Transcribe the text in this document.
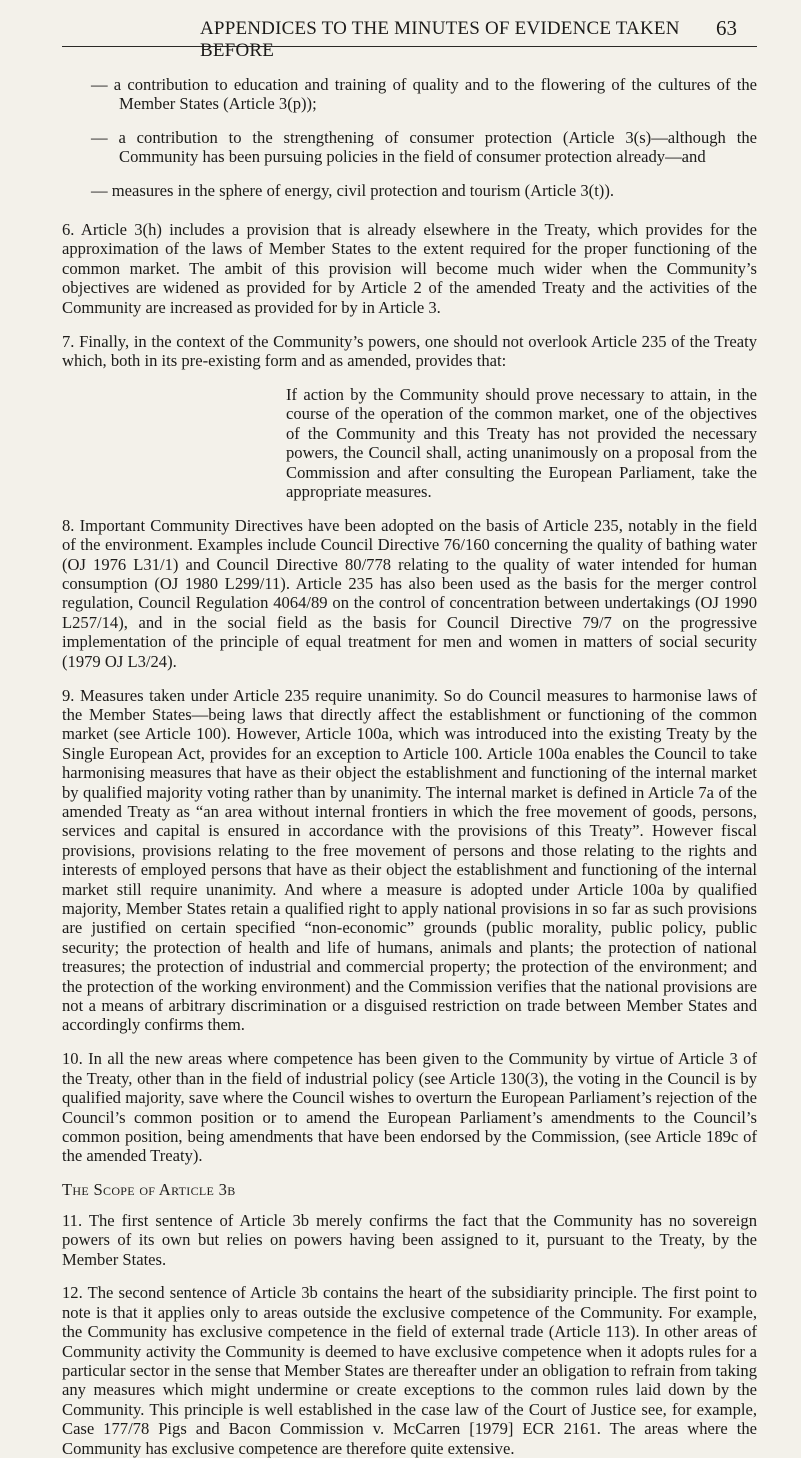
APPENDICES TO THE MINUTES OF EVIDENCE TAKEN BEFORE
63

— a contribution to education and training of quality and to the flowering of the cultures of the Member States (Article 3(p));

— a contribution to the strengthening of consumer protection (Article 3(s)—although the Community has been pursuing policies in the field of consumer protection already—and

— measures in the sphere of energy, civil protection and tourism (Article 3(t)).

6. Article 3(h) includes a provision that is already elsewhere in the Treaty, which provides for the approximation of the laws of Member States to the extent required for the proper functioning of the common market. The ambit of this provision will become much wider when the Community’s objectives are widened as provided for by Article 2 of the amended Treaty and the activities of the Community are increased as provided for by in Article 3.

7. Finally, in the context of the Community’s powers, one should not overlook Article 235 of the Treaty which, both in its pre-existing form and as amended, provides that:

If action by the Community should prove necessary to attain, in the course of the operation of the common market, one of the objectives of the Community and this Treaty has not provided the necessary powers, the Council shall, acting unanimously on a proposal from the Commission and after consulting the European Parliament, take the appropriate measures.

8. Important Community Directives have been adopted on the basis of Article 235, notably in the field of the environment. Examples include Council Directive 76/160 concerning the quality of bathing water (OJ 1976 L31/1) and Council Directive 80/778 relating to the quality of water intended for human consumption (OJ 1980 L299/11). Article 235 has also been used as the basis for the merger control regulation, Council Regulation 4064/89 on the control of concentration between undertakings (OJ 1990 L257/14), and in the social field as the basis for Council Directive 79/7 on the progressive implementation of the principle of equal treatment for men and women in matters of social security (1979 OJ L3/24).

9. Measures taken under Article 235 require unanimity. So do Council measures to harmonise laws of the Member States—being laws that directly affect the establishment or functioning of the common market (see Article 100). However, Article 100a, which was introduced into the existing Treaty by the Single European Act, provides for an exception to Article 100. Article 100a enables the Council to take harmonising measures that have as their object the establishment and functioning of the internal market by qualified majority voting rather than by unanimity. The internal market is defined in Article 7a of the amended Treaty as “an area without internal frontiers in which the free movement of goods, persons, services and capital is ensured in accordance with the provisions of this Treaty”. However fiscal provisions, provisions relating to the free movement of persons and those relating to the rights and interests of employed persons that have as their object the establishment and functioning of the internal market still require unanimity. And where a measure is adopted under Article 100a by qualified majority, Member States retain a qualified right to apply national provisions in so far as such provisions are justified on certain specified “non-economic” grounds (public morality, public policy, public security; the protection of health and life of humans, animals and plants; the protection of national treasures; the protection of industrial and commercial property; the protection of the environment; and the protection of the working environment) and the Commission verifies that the national provisions are not a means of arbitrary discrimination or a disguised restriction on trade between Member States and accordingly confirms them.

10. In all the new areas where competence has been given to the Community by virtue of Article 3 of the Treaty, other than in the field of industrial policy (see Article 130(3), the voting in the Council is by qualified majority, save where the Council wishes to overturn the European Parliament’s rejection of the Council’s common position or to amend the European Parliament’s amendments to the Council’s common position, being amendments that have been endorsed by the Commission, (see Article 189c of the amended Treaty).

The Scope of Article 3b

11. The first sentence of Article 3b merely confirms the fact that the Community has no sovereign powers of its own but relies on powers having been assigned to it, pursuant to the Treaty, by the Member States.

12. The second sentence of Article 3b contains the heart of the subsidiarity principle. The first point to note is that it applies only to areas outside the exclusive competence of the Community. For example, the Community has exclusive competence in the field of external trade (Article 113). In other areas of Community activity the Community is deemed to have exclusive competence when it adopts rules for a particular sector in the sense that Member States are thereafter under an obligation to refrain from taking any measures which might undermine or create exceptions to the common rules laid down by the Community. This principle is well established in the case law of the Court of Justice see, for example, Case 177/78 Pigs and Bacon Commission v. McCarren [1979] ECR 2161. The areas where the Community has exclusive competence are therefore quite extensive.
